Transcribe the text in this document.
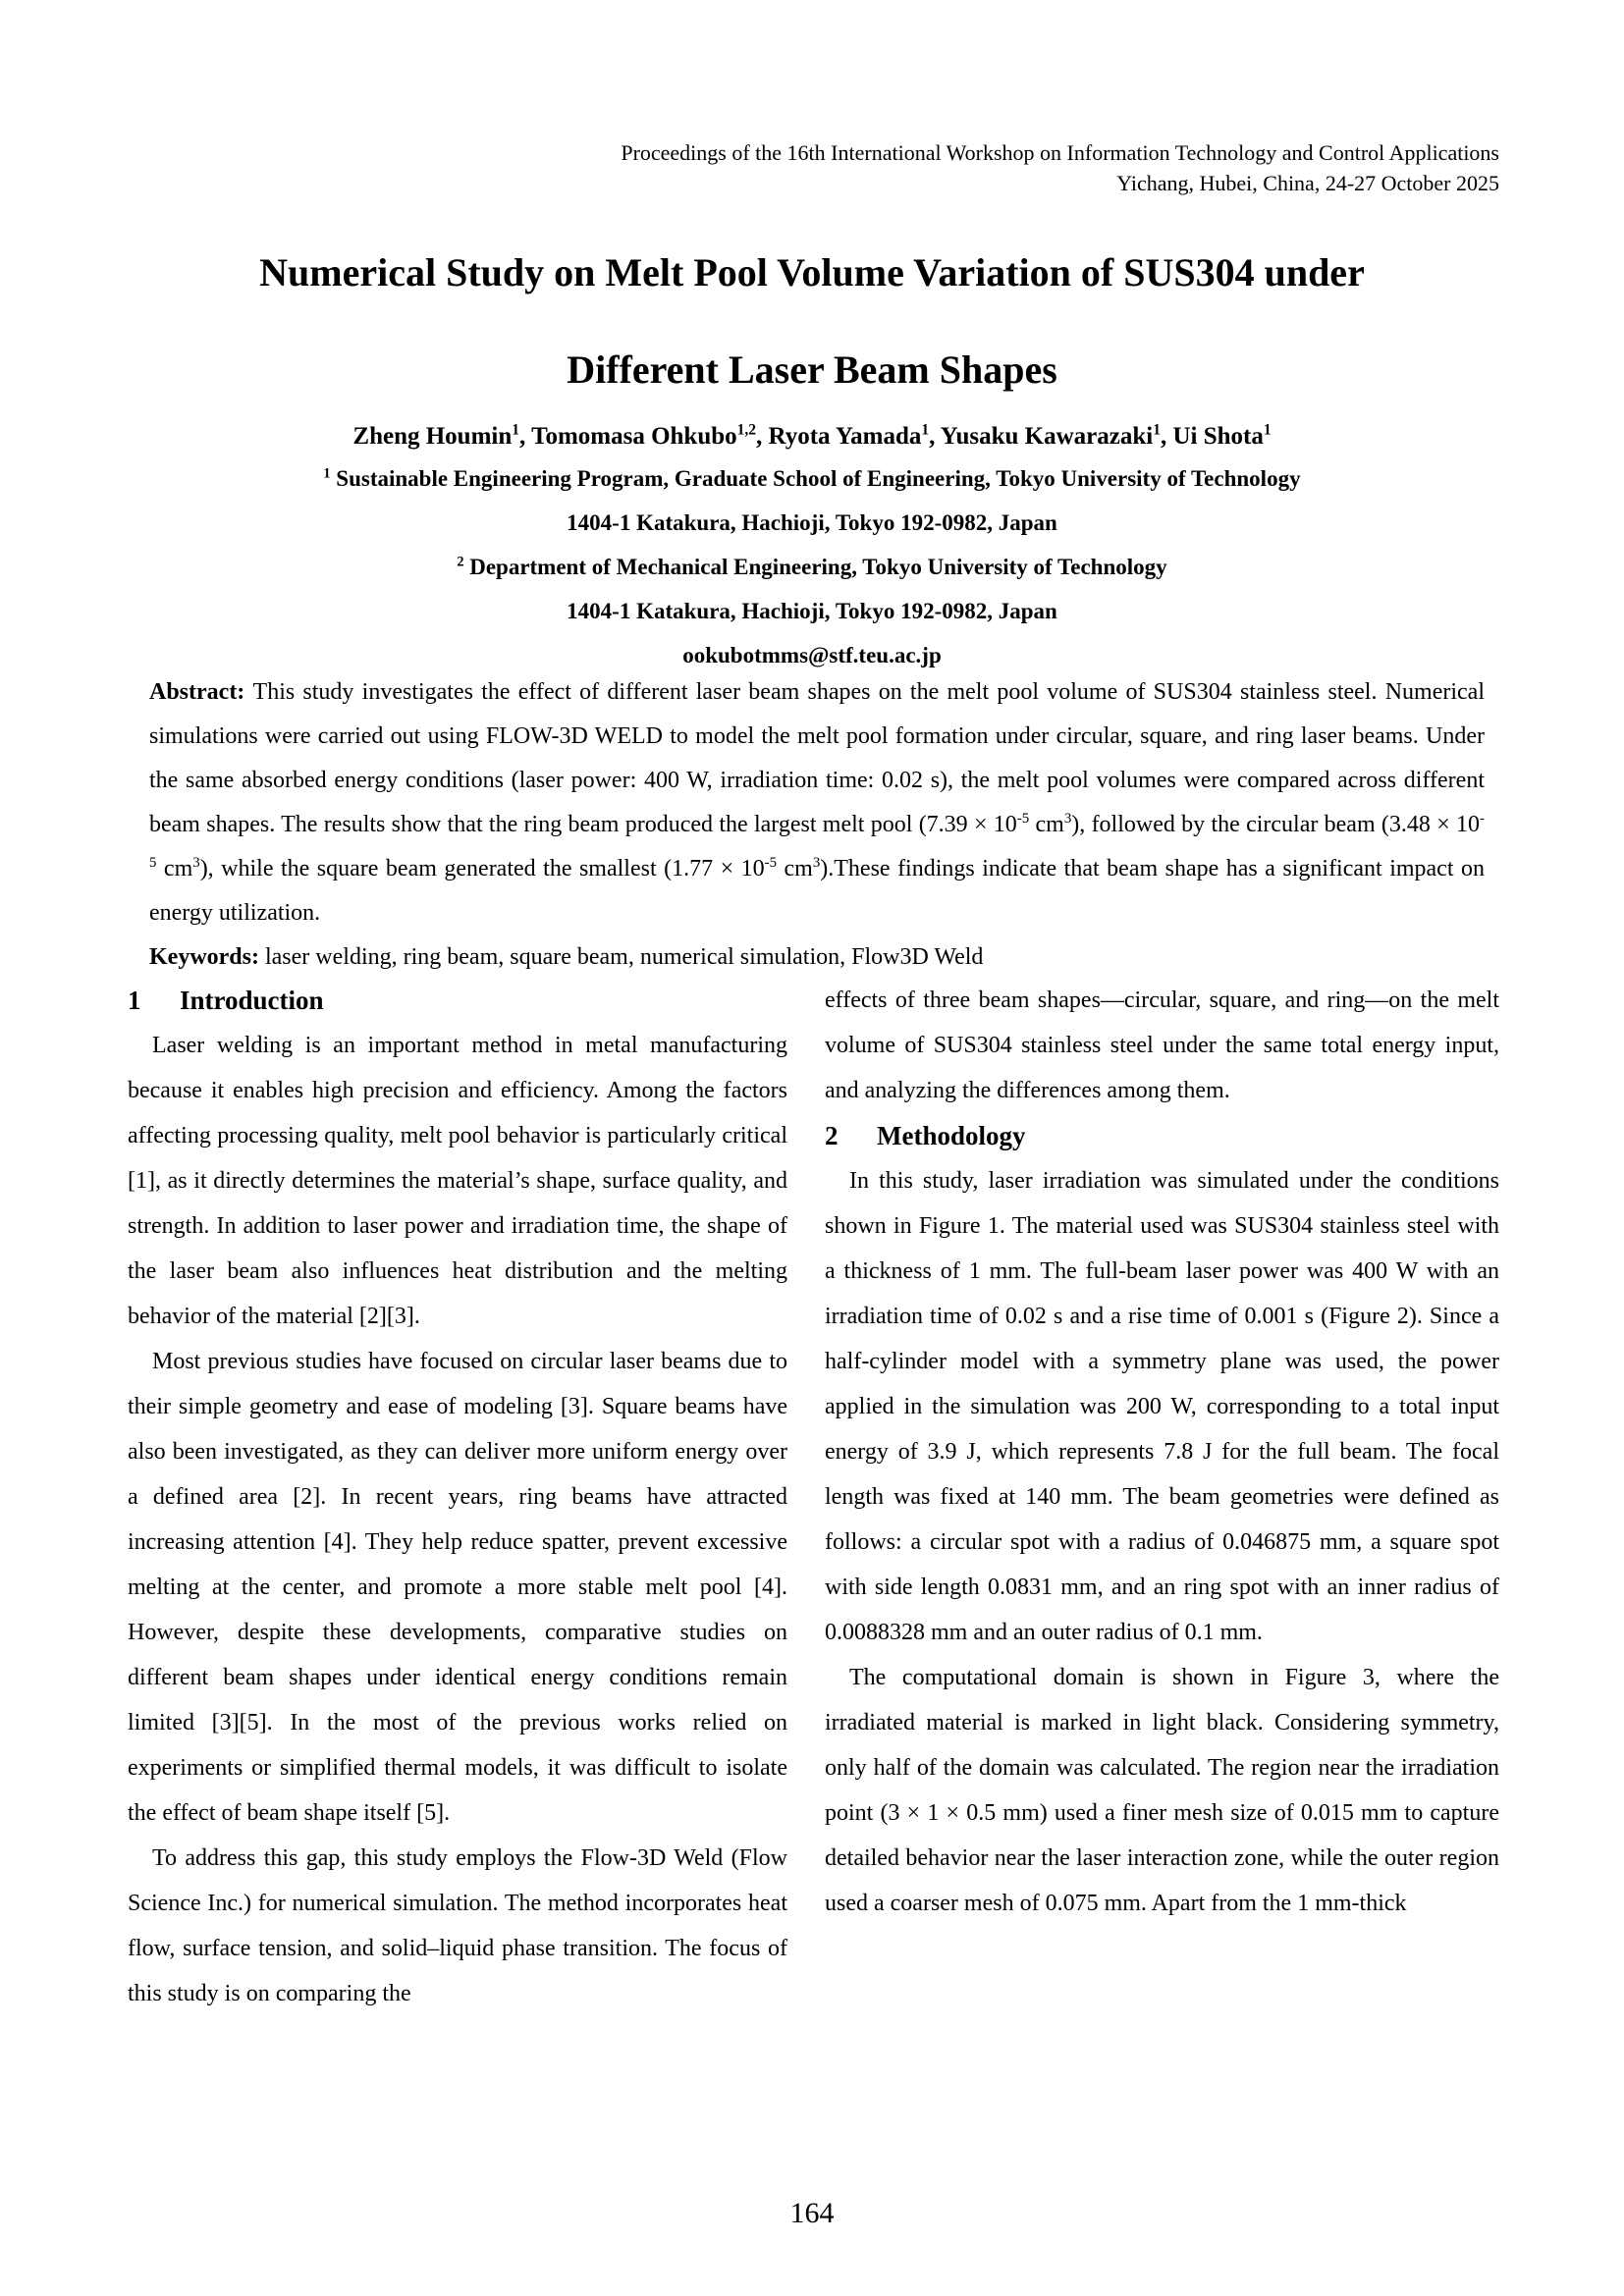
Proceedings of the 16th International Workshop on Information Technology and Control Applications
Yichang, Hubei, China, 24-27 October 2025
Numerical Study on Melt Pool Volume Variation of SUS304 under
Different Laser Beam Shapes
Zheng Houmin$^1$, Tomomasa Ohkubo$^{1,2}$, Ryota Yamada$^1$, Yusaku Kawarazaki$^1$, Ui Shota$^1$
$^1$ Sustainable Engineering Program, Graduate School of Engineering, Tokyo University of Technology
1404-1 Katakura, Hachioji, Tokyo 192-0982, Japan
$^2$ Department of Mechanical Engineering, Tokyo University of Technology
1404-1 Katakura, Hachioji, Tokyo 192-0982, Japan
ookubotmms@stf.teu.ac.jp
Abstract: This study investigates the effect of different laser beam shapes on the melt pool volume of SUS304 stainless steel. Numerical simulations were carried out using FLOW-3D WELD to model the melt pool formation under circular, square, and ring laser beams. Under the same absorbed energy conditions (laser power: 400 W, irradiation time: 0.02 s), the melt pool volumes were compared across different beam shapes. The results show that the ring beam produced the largest melt pool ($7.39 \times 10^{-5}$ $cm^3$), followed by the circular beam ($3.48 \times 10^{-5}$ $cm^3$), while the square beam generated the smallest ($1.77 \times 10^{-5}$ $cm^3).These$ findings indicate that beam shape has a significant impact on energy utilization.
Keywords: laser welding, ring beam, square beam, numerical simulation, Flow3D Weld
1 Introduction

Laser welding is an important method in metal manufacturing because it enables high precision and efficiency. Among the factors affecting processing quality, melt pool behavior is particularly critical [1], as it directly determines the material’s shape, surface quality, and strength. In addition to laser power and irradiation time, the shape of the laser beam also influences heat distribution and the melting behavior of the material [2][3].

Most previous studies have focused on circular laser beams due to their simple geometry and ease of modeling [3]. Square beams have also been investigated, as they can deliver more uniform energy over a defined area [2]. In recent years, ring beams have attracted increasing attention [4]. They help reduce spatter, prevent excessive melting at the center, and promote a more stable melt pool [4]. However, despite these developments, comparative studies on different beam shapes under identical energy conditions remain limited [3][5]. In the most of the previous works relied on experiments or simplified thermal models, it was difficult to isolate the effect of beam shape itself [5].

To address this gap, this study employs the Flow-3D Weld (Flow Science Inc.) for numerical simulation. The method incorporates heat flow, surface tension, and solid–liquid phase transition. The focus of this study is on comparing the

effects of three beam shapes—circular, square, and ring—on the melt volume of SUS304 stainless steel under the same total energy input, and analyzing the differences among them.

2 Methodology

In this study, laser irradiation was simulated under the conditions shown in Figure 1. The material used was SUS304 stainless steel with a thickness of 1 mm. The full-beam laser power was 400 W with an irradiation time of 0.02 s and a rise time of 0.001 s (Figure 2). Since a half-cylinder model with a symmetry plane was used, the power applied in the simulation was 200 W, corresponding to a total input energy of 3.9 J, which represents 7.8 J for the full beam. The focal length was fixed at 140 mm. The beam geometries were defined as follows: a circular spot with a radius of 0.046875 mm, a square spot with side length 0.0831 mm, and an ring spot with an inner radius of 0.0088328 mm and an outer radius of 0.1 mm.

The computational domain is shown in Figure 3, where the irradiated material is marked in light black. Considering symmetry, only half of the domain was calculated. The region near the irradiation point (3 × 1 × 0.5 mm) used a finer mesh size of 0.015 mm to capture detailed behavior near the laser interaction zone, while the outer region used a coarser mesh of 0.075 mm. Apart from the 1 mm-thick

164
